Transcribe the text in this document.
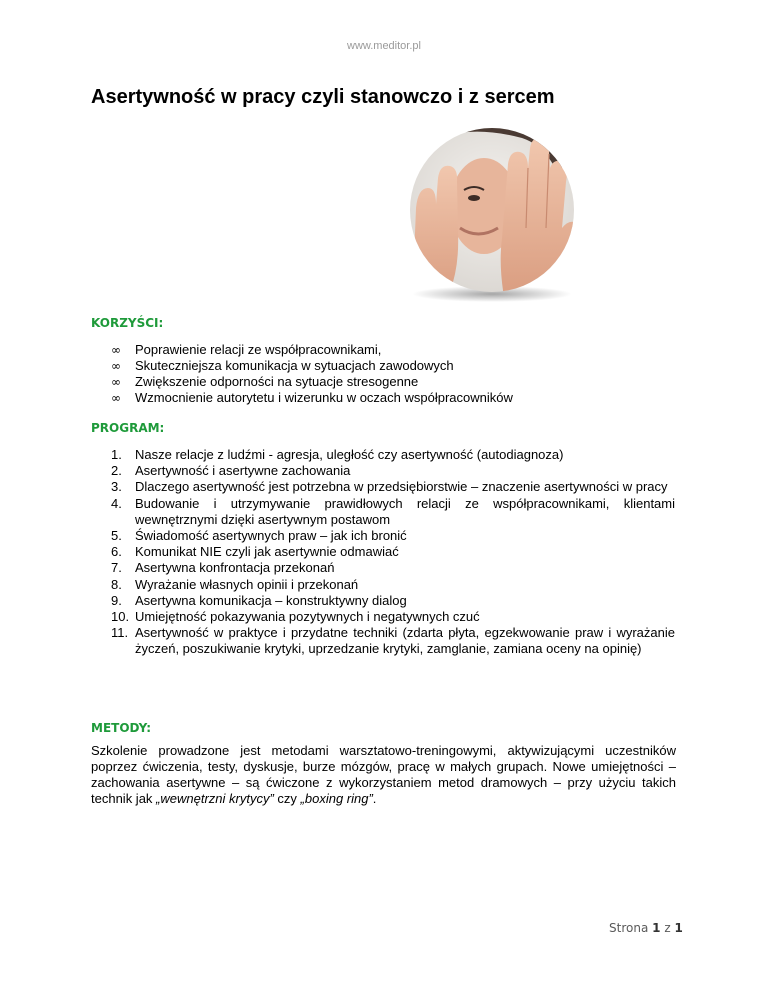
www.meditor.pl
Asertywność w pracy czyli stanowczo i z sercem
KORZYŚCI:
∞	Poprawienie relacji ze współpracownikami,
∞	Skuteczniejsza komunikacja w sytuacjach zawodowych
∞	Zwiększenie odporności na sytuacje stresogenne
∞	Wzmocnienie autorytetu i wizerunku w oczach współpracowników
PROGRAM:
1.	Nasze relacje z ludźmi - agresja, uległość czy asertywność (autodiagnoza)
2.	Asertywność i asertywne zachowania
3.	Dlaczego asertywność jest potrzebna w przedsiębiorstwie – znaczenie asertywności w pracy
4.	Budowanie i utrzymywanie prawidłowych relacji ze współpracownikami, klientami wewnętrznymi dzięki asertywnym postawom
5.	Świadomość asertywnych praw – jak ich bronić
6.	Komunikat NIE czyli jak asertywnie odmawiać
7.	Asertywna konfrontacja przekonań
8.	Wyrażanie własnych opinii i przekonań
9.	Asertywna komunikacja – konstruktywny dialog
10. Umiejętność pokazywania pozytywnych i negatywnych czuć
11. Asertywność w praktyce i przydatne techniki (zdarta płyta, egzekwowanie praw i wyrażanie życzeń, poszukiwanie krytyki, uprzedzanie krytyki, zamglanie, zamiana oceny na opinię)
METODY:

Szkolenie prowadzone jest metodami warsztatowo-treningowymi, aktywizującymi uczestników poprzez ćwiczenia, testy, dyskusje, burze mózgów, pracę w małych grupach. Nowe umiejętności – zachowania asertywne – są ćwiczone z wykorzystaniem metod dramowych – przy użyciu takich technik jak „wewnętrzni krytycy” czy „boxing ring”.

Strona 1 z 1
